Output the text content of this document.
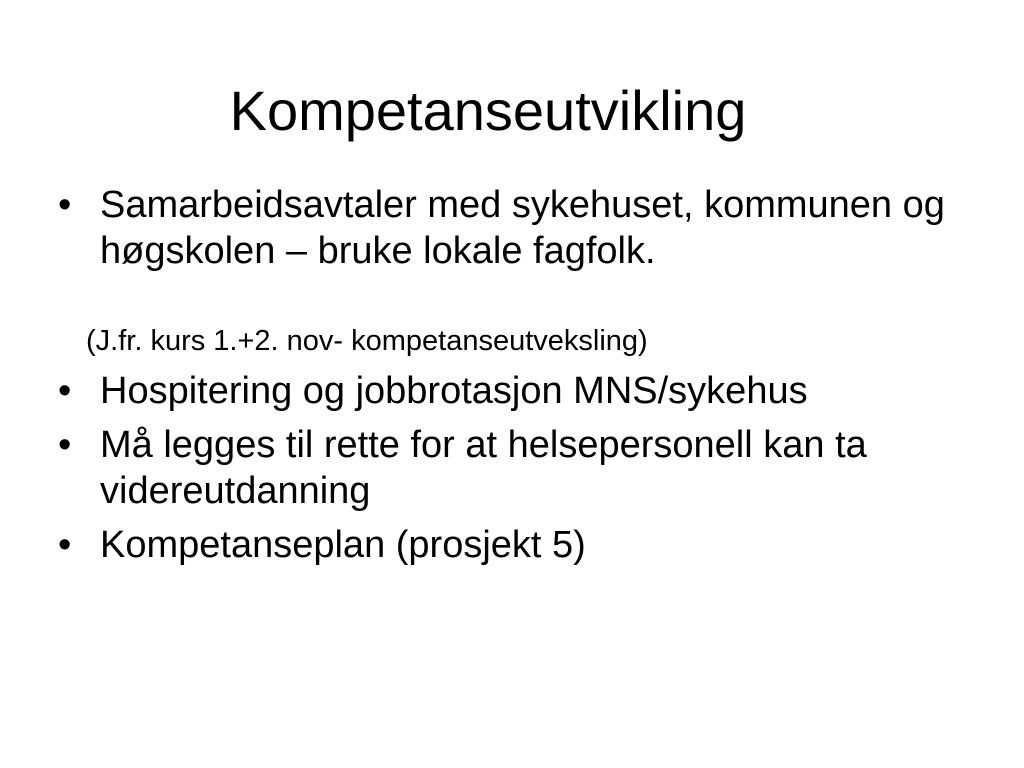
Kompetanseutvikling
• Samarbeidsavtaler med sykehuset, kommunen og høgskolen – bruke lokale fagfolk.
(J.fr. kurs 1.+2. nov- kompetanseutveksling)
• Hospitering og jobbrotasjon MNS/sykehus
• Må legges til rette for at helsepersonell kan ta videreutdanning
• Kompetanseplan (prosjekt 5)
